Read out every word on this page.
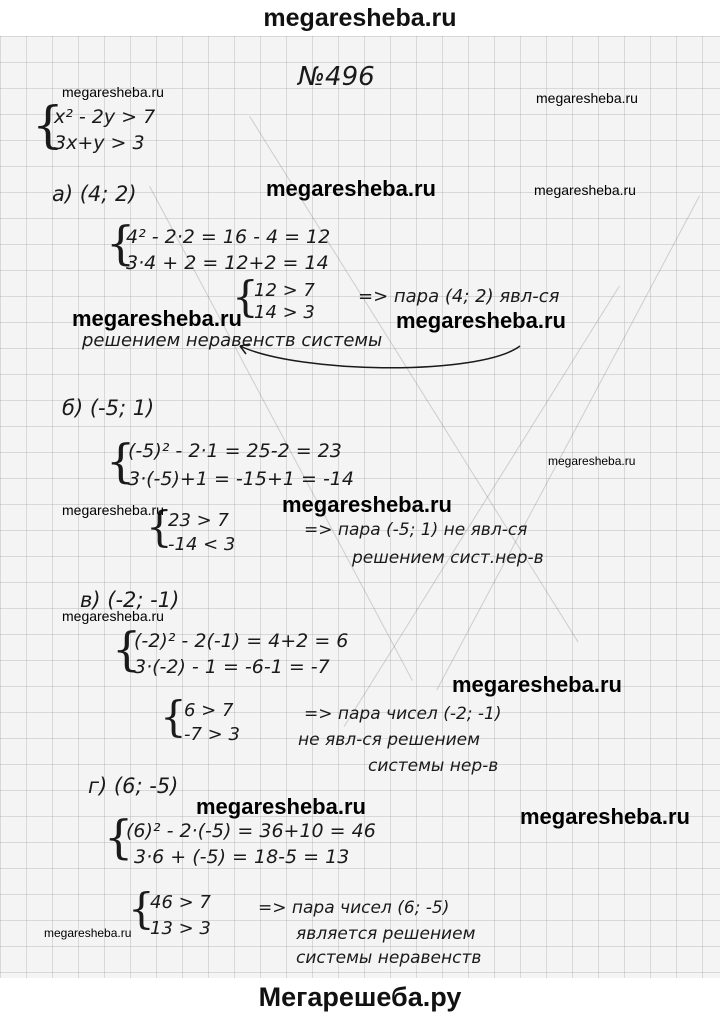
megaresheba.ru
№496
{
x² - 2y > 7
3x+y > 3
а) (4; 2)
{
4² - 2·2 = 16 - 4 = 12
3·4 + 2 = 12+2 = 14
{
12 > 7
14 > 3
=> пара (4; 2) явл-ся
решением неравенств системы
б) (-5; 1)
{
(-5)² - 2·1 = 25-2 = 23
3·(-5)+1 = -15+1 = -14
{
23 > 7
-14 < 3
=> пара (-5; 1) не явл-ся
решением сист.нер-в
в) (-2; -1)
{
(-2)² - 2(-1) = 4+2 = 6
3·(-2) - 1 = -6-1 = -7
{
6 > 7
-7 > 3
=> пара чисел (-2; -1)
не явл-ся решением
системы нер-в
г) (6; -5)
{
(6)² - 2·(-5) = 36+10 = 46
3·6 + (-5) = 18-5 = 13
{
46 > 7
13 > 3
=> пара чисел (6; -5)
является решением
системы неравенств
megaresheba.ru	megaresheba.ru
megaresheba.ru	megaresheba.ru
megaresheba.ru	megaresheba.ru
megaresheba.ru
megaresheba.ru
megaresheba.ru
megaresheba.ru
megaresheba.ru
megaresheba.ru	megaresheba.ru
megaresheba.ru
Мегарешеба.ру
